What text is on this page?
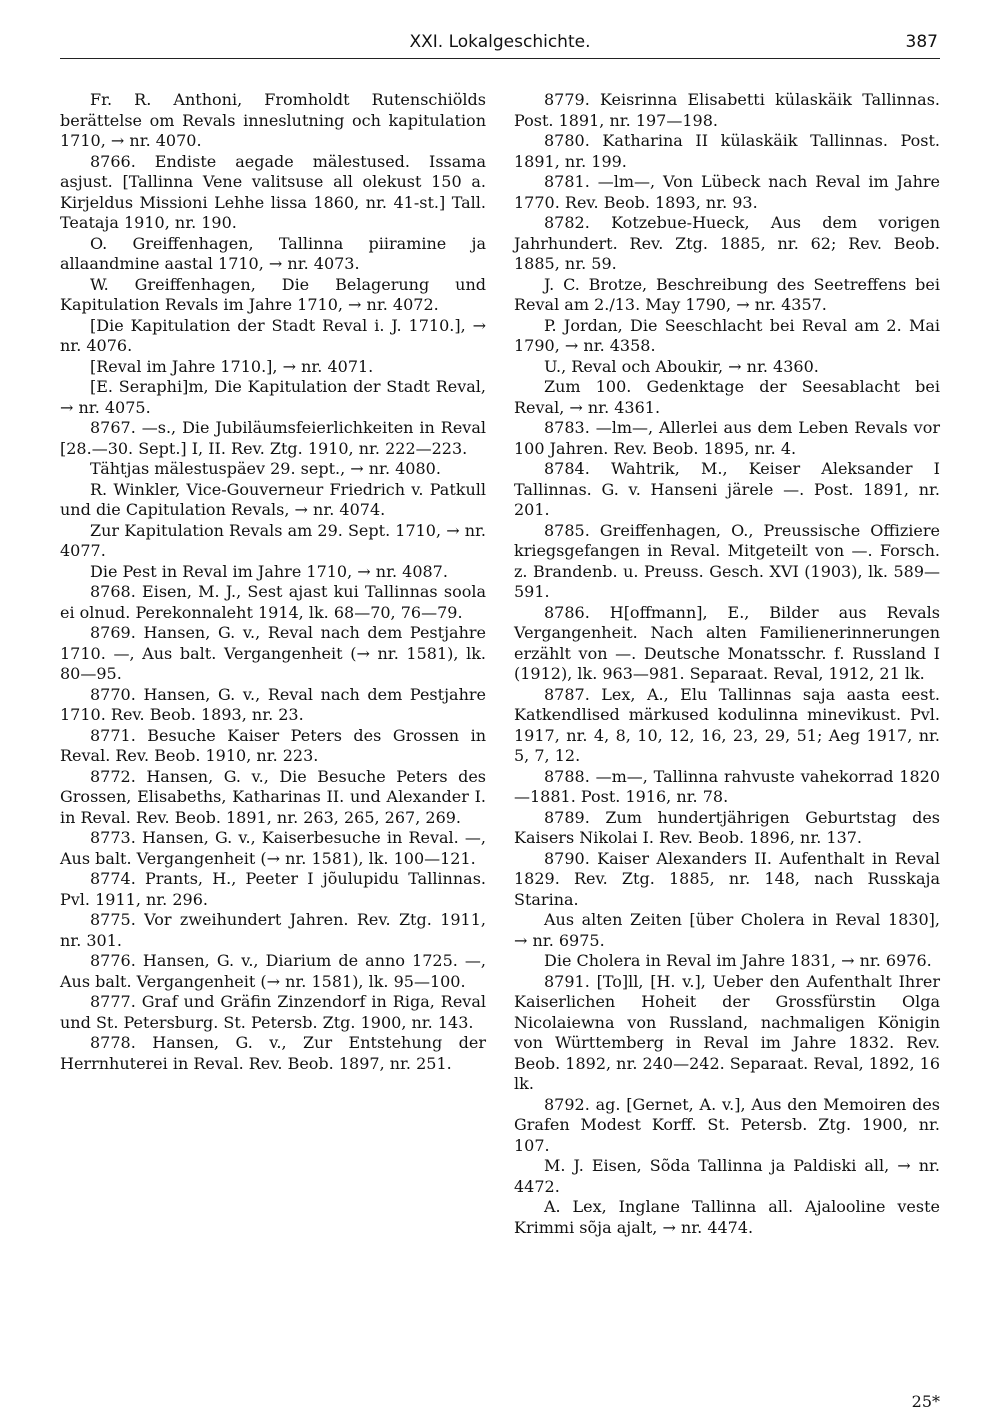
XXI. Lokalgeschichte.	387

Fr. R. Anthoni, Fromholdt Rutenschiölds berättelse om Revals inneslutning och kapitulation 1710, → nr. 4070.

8766. Endiste aegade mälestused. Issama asjust. [Tallinna Vene valitsuse all olekust 150 a. Kirjeldus Missioni Lehhe lissa 1860, nr. 41-st.] Tall. Teataja 1910, nr. 190.

O. Greiffenhagen, Tallinna piiramine ja allaandmine aastal 1710, → nr. 4073.

W. Greiffenhagen, Die Belagerung und Kapitulation Revals im Jahre 1710, → nr. 4072.

[Die Kapitulation der Stadt Reval i. J. 1710.], → nr. 4076.

[Reval im Jahre 1710.], → nr. 4071.

[E. Seraphi]m, Die Kapitulation der Stadt Reval, → nr. 4075.

8767. —s., Die Jubiläumsfeierlichkeiten in Reval [28.—30. Sept.] I, II. Rev. Ztg. 1910, nr. 222—223.

Tähtjas mälestuspäev 29. sept., → nr. 4080.

R. Winkler, Vice-Gouverneur Friedrich v. Patkull und die Capitulation Revals, → nr. 4074.

Zur Kapitulation Revals am 29. Sept. 1710, → nr. 4077.

Die Pest in Reval im Jahre 1710, → nr. 4087.

8768. Eisen, M. J., Sest ajast kui Tallinnas soola ei olnud. Perekonnaleht 1914, lk. 68—70, 76—79.

8769. Hansen, G. v., Reval nach dem Pestjahre 1710. —, Aus balt. Vergangenheit (→ nr. 1581), lk. 80—95.

8770. Hansen, G. v., Reval nach dem Pestjahre 1710. Rev. Beob. 1893, nr. 23.

8771. Besuche Kaiser Peters des Grossen in Reval. Rev. Beob. 1910, nr. 223.

8772. Hansen, G. v., Die Besuche Peters des Grossen, Elisabeths, Katharinas II. und Alexander I. in Reval. Rev. Beob. 1891, nr. 263, 265, 267, 269.

8773. Hansen, G. v., Kaiserbesuche in Reval. —, Aus balt. Vergangenheit (→ nr. 1581), lk. 100—121.

8774. Prants, H., Peeter I jõulupidu Tallinnas. Pvl. 1911, nr. 296.

8775. Vor zweihundert Jahren. Rev. Ztg. 1911, nr. 301.

8776. Hansen, G. v., Diarium de anno 1725. —, Aus balt. Vergangenheit (→ nr. 1581), lk. 95—100.

8777. Graf und Gräfin Zinzendorf in Riga, Reval und St. Petersburg. St. Petersb. Ztg. 1900, nr. 143.

8778. Hansen, G. v., Zur Entstehung der Herrnhuterei in Reval. Rev. Beob. 1897, nr. 251.

8779. Keisrinna Elisabetti külaskäik Tallinnas. Post. 1891, nr. 197—198.

8780. Katharina II külaskäik Tallinnas. Post. 1891, nr. 199.

8781. —lm—, Von Lübeck nach Reval im Jahre 1770. Rev. Beob. 1893, nr. 93.

8782. Kotzebue-Hueck, Aus dem vorigen Jahrhundert. Rev. Ztg. 1885, nr. 62; Rev. Beob. 1885, nr. 59.

J. C. Brotze, Beschreibung des Seetreffens bei Reval am 2./13. May 1790, → nr. 4357.

P. Jordan, Die Seeschlacht bei Reval am 2. Mai 1790, → nr. 4358.

U., Reval och Aboukir, → nr. 4360.

Zum 100. Gedenktage der Seesablacht bei Reval, → nr. 4361.

8783. —lm—, Allerlei aus dem Leben Revals vor 100 Jahren. Rev. Beob. 1895, nr. 4.

8784. Wahtrik, M., Keiser Aleksander I Tallinnas. G. v. Hanseni järele —. Post. 1891, nr. 201.

8785. Greiffenhagen, O., Preussische Offiziere kriegsgefangen in Reval. Mitgeteilt von —. Forsch. z. Brandenb. u. Preuss. Gesch. XVI (1903), lk. 589—591.

8786. H[offmann], E., Bilder aus Revals Vergangenheit. Nach alten Familienerinnerungen erzählt von —. Deutsche Monatsschr. f. Russland I (1912), lk. 963—981. Separaat. Reval, 1912, 21 lk.

8787. Lex, A., Elu Tallinnas saja aasta eest. Katkendlised märkused kodulinna minevikust. Pvl. 1917, nr. 4, 8, 10, 12, 16, 23, 29, 51; Aeg 1917, nr. 5, 7, 12.

8788. —m—, Tallinna rahvuste vahekorrad 1820—1881. Post. 1916, nr. 78.

8789. Zum hundertjährigen Geburtstag des Kaisers Nikolai I. Rev. Beob. 1896, nr. 137.

8790. Kaiser Alexanders II. Aufenthalt in Reval 1829. Rev. Ztg. 1885, nr. 148, nach Russkaja Starina.

Aus alten Zeiten [über Cholera in Reval 1830], → nr. 6975.

Die Cholera in Reval im Jahre 1831, → nr. 6976.

8791. [To]ll, [H. v.], Ueber den Aufenthalt Ihrer Kaiserlichen Hoheit der Grossfürstin Olga Nicolaiewna von Russland, nachmaligen Königin von Württemberg in Reval im Jahre 1832. Rev. Beob. 1892, nr. 240—242. Separaat. Reval, 1892, 16 lk.

8792. ag. [Gernet, A. v.], Aus den Memoiren des Grafen Modest Korff. St. Petersb. Ztg. 1900, nr. 107.

M. J. Eisen, Sõda Tallinna ja Paldiski all, → nr. 4472.

A. Lex, Inglane Tallinna all. Ajalooline veste Krimmi sõja ajalt, → nr. 4474.

25*
